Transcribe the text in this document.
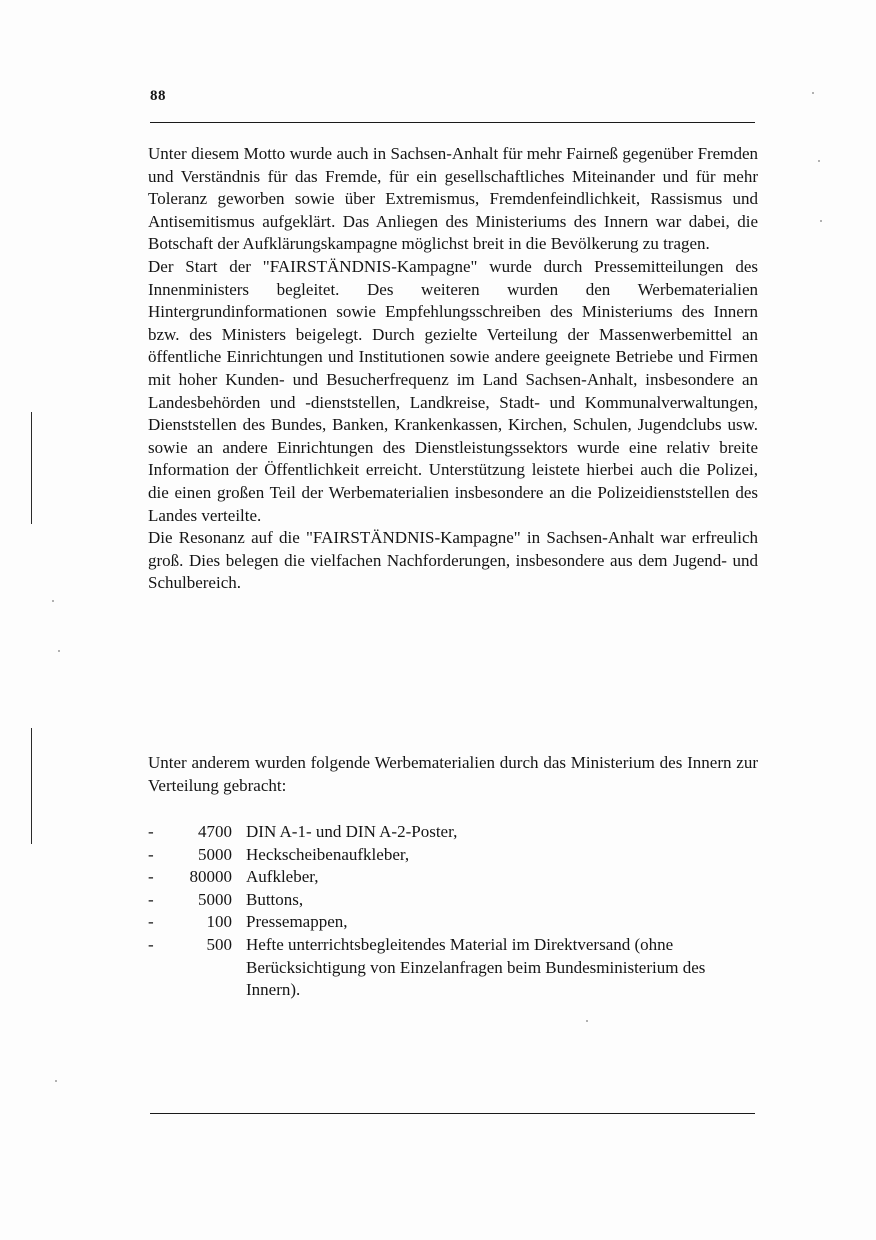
88

Unter diesem Motto wurde auch in Sachsen-Anhalt für mehr Fairneß gegenüber Fremden und Verständnis für das Fremde, für ein gesellschaftliches Miteinander und für mehr Toleranz geworben sowie über Extremismus, Fremdenfeindlichkeit, Rassismus und Antisemitismus aufgeklärt. Das Anliegen des Ministeriums des Innern war dabei, die Botschaft der Aufklärungskampagne möglichst breit in die Bevölkerung zu tragen.

Der Start der "FAIRSTÄNDNIS-Kampagne" wurde durch Pressemitteilungen des Innenministers begleitet. Des weiteren wurden den Werbematerialien Hintergrundinformationen sowie Empfehlungsschreiben des Ministeriums des Innern bzw. des Ministers beigelegt. Durch gezielte Verteilung der Massenwerbemittel an öffentliche Einrichtungen und Institutionen sowie andere geeignete Betriebe und Firmen mit hoher Kunden- und Besucherfrequenz im Land Sachsen-Anhalt, insbesondere an Landesbehörden und -dienststellen, Landkreise, Stadt- und Kommunalverwaltungen, Dienststellen des Bundes, Banken, Krankenkassen, Kirchen, Schulen, Jugendclubs usw. sowie an andere Einrichtungen des Dienstleistungssektors wurde eine relativ breite Information der Öffentlichkeit erreicht. Unterstützung leistete hierbei auch die Polizei, die einen großen Teil der Werbematerialien insbesondere an die Polizeidienststellen des Landes verteilte.

Die Resonanz auf die "FAIRSTÄNDNIS-Kampagne" in Sachsen-Anhalt war erfreulich groß. Dies belegen die vielfachen Nachforderungen, insbesondere aus dem Jugend- und Schulbereich.

Unter anderem wurden folgende Werbematerialien durch das Ministerium des Innern zur Verteilung gebracht:

-	4700 DIN A-1- und DIN A-2-Poster,
-	5000 Heckscheibenaufkleber,
-	80000 Aufkleber,
-	5000 Buttons,
-	100 Pressemappen,
-	500 Hefte unterrichtsbegleitendes Material im Direktversand (ohne Berücksichtigung von Einzelanfragen beim Bundesministerium des Innern).
